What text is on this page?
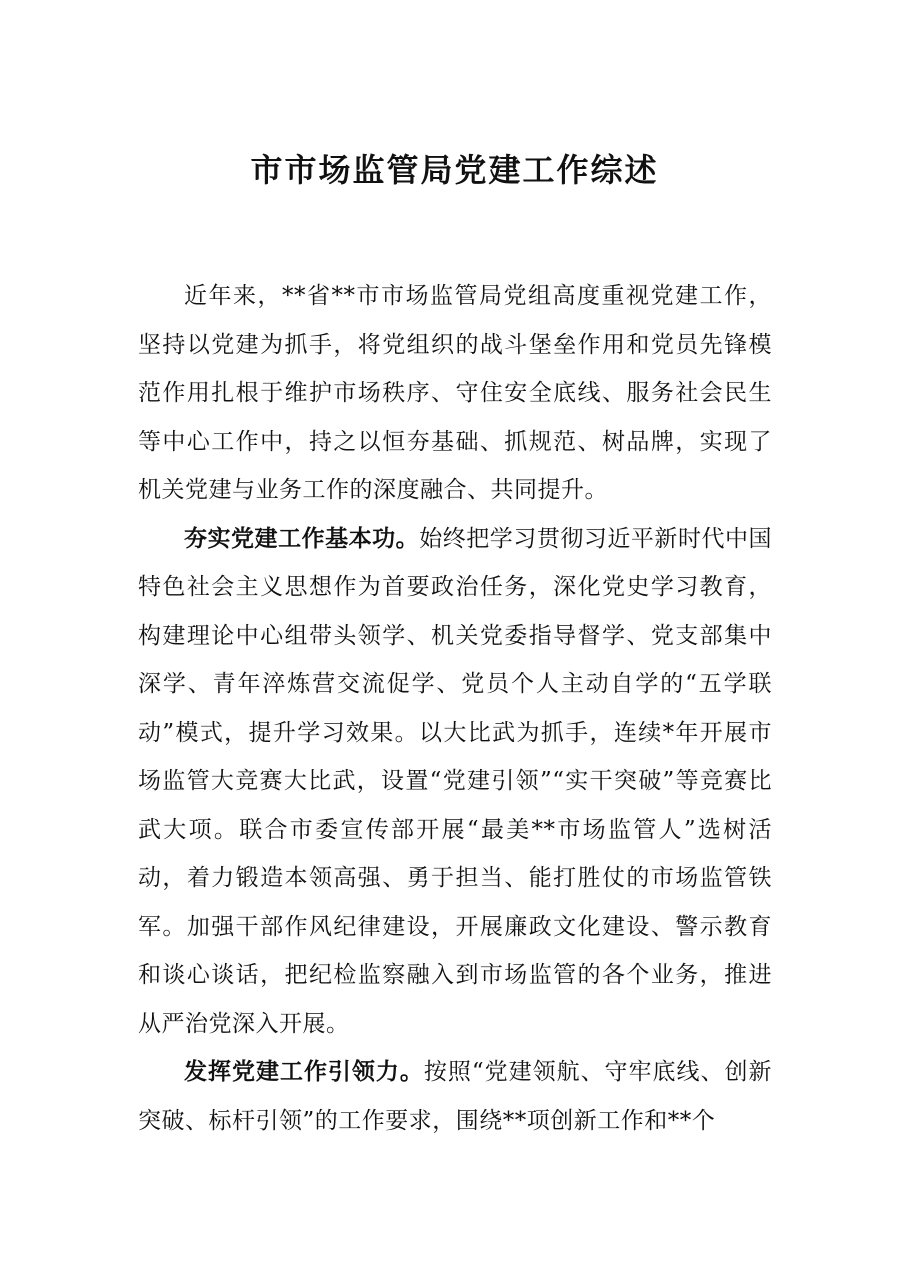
市市场监管局党建工作综述

近年来，**省**市市场监管局党组高度重视党建工作，坚持以党建为抓手，将党组织的战斗堡垒作用和党员先锋模范作用扎根于维护市场秩序、守住安全底线、服务社会民生等中心工作中，持之以恒夯基础、抓规范、树品牌，实现了机关党建与业务工作的深度融合、共同提升。

夯实党建工作基本功。始终把学习贯彻习近平新时代中国特色社会主义思想作为首要政治任务，深化党史学习教育，构建理论中心组带头领学、机关党委指导督学、党支部集中深学、青年淬炼营交流促学、党员个人主动自学的“五学联动”模式，提升学习效果。以大比武为抓手，连续*年开展市场监管大竞赛大比武，设置“党建引领”“实干突破”等竞赛比武大项。联合市委宣传部开展“最美**市场监管人”选树活动，着力锻造本领高强、勇于担当、能打胜仗的市场监管铁军。加强干部作风纪律建设，开展廉政文化建设、警示教育和谈心谈话，把纪检监察融入到市场监管的各个业务，推进从严治党深入开展。

发挥党建工作引领力。按照“党建领航、守牢底线、创新突破、标杆引领”的工作要求，围绕**项创新工作和**个
